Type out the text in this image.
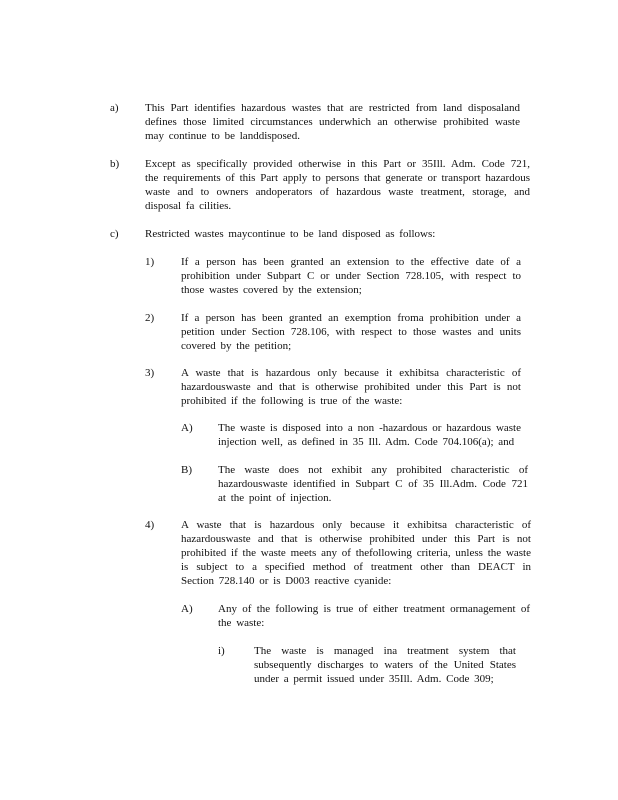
a) This Part identifies hazardous wastes that are restricted from land disposaland defines those limited circumstances underwhich an otherwise prohibited waste may continue to be landdisposed.

b) Except as specifically provided otherwise in this Part or 35Ill. Adm. Code 721, the requirements of this Part apply to persons that generate or transport hazardous waste and to owners andoperators of hazardous waste treatment, storage, and disposal fa cilities.

c) Restricted wastes maycontinue to be land disposed as follows:

1) If a person has been granted an extension to the effective date of a prohibition under Subpart C or under Section 728.105, with respect to those wastes covered by the extension;

2) If a person has been granted an exemption froma prohibition under a petition under Section 728.106, with respect to those wastes and units covered by the petition;

3) A waste that is hazardous only because it exhibitsa characteristic of hazardouswaste and that is otherwise prohibited under this Part is not prohibited if the following is true of the waste:

A) The waste is disposed into a non -hazardous or hazardous waste injection well, as defined in 35 Ill. Adm. Code 704.106(a); and

B) The waste does not exhibit any prohibited characteristic of hazardouswaste identified in Subpart C of 35 Ill.Adm. Code 721 at the point of injection.

4) A waste that is hazardous only because it exhibitsa characteristic of hazardouswaste and that is otherwise prohibited under this Part is not prohibited if the waste meets any of thefollowing criteria, unless the waste is subject to a specified method of treatment other than DEACT in Section 728.140 or is D003 reactive cyanide:

A) Any of the following is true of either treatment ormanagement of the waste:

i)	The waste is managed ina treatment system that subsequently discharges to waters of the United States under a permit issued under 35Ill. Adm. Code 309;
